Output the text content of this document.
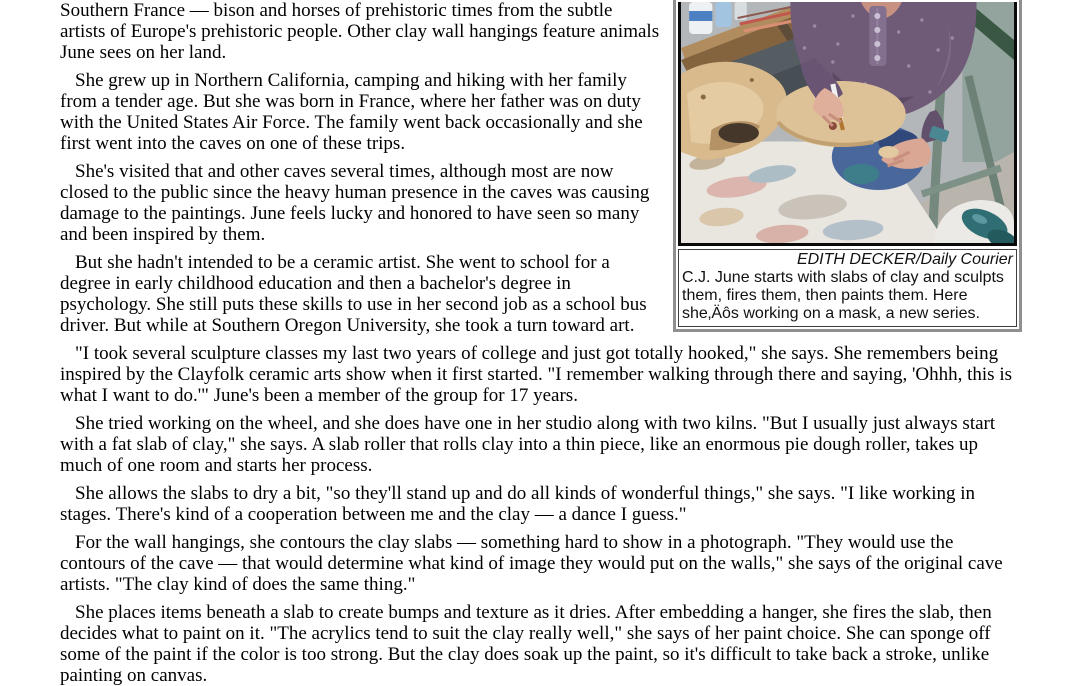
EDITH DECKER/Daily Courier
C.J. June starts with slabs of clay and sculpts them, fires them, then paints them. Here she‚Äôs working on a mask, a new series.

Southern France — bison and horses of prehistoric times from the subtle artists of Europe's prehistoric people. Other clay wall hangings feature animals June sees on her land.

She grew up in Northern California, camping and hiking with her family from a tender age. But she was born in France, where her father was on duty with the United States Air Force. The family went back occasionally and she first went into the caves on one of these trips.

She's visited that and other caves several times, although most are now closed to the public since the heavy human presence in the caves was causing damage to the paintings. June feels lucky and honored to have seen so many and been inspired by them.

But she hadn't intended to be a ceramic artist. She went to school for a degree in early childhood education and then a bachelor's degree in psychology. She still puts these skills to use in her second job as a school bus driver. But while at Southern Oregon University, she took a turn toward art.

"I took several sculpture classes my last two years of college and just got totally hooked," she says. She remembers being inspired by the Clayfolk ceramic arts show when it first started. "I remember walking through there and saying, 'Ohhh, this is what I want to do.'" June's been a member of the group for 17 years.

She tried working on the wheel, and she does have one in her studio along with two kilns. "But I usually just always start with a fat slab of clay," she says. A slab roller that rolls clay into a thin piece, like an enormous pie dough roller, takes up much of one room and starts her process.

She allows the slabs to dry a bit, "so they'll stand up and do all kinds of wonderful things," she says. "I like working in stages. There's kind of a cooperation between me and the clay — a dance I guess."

For the wall hangings, she contours the clay slabs — something hard to show in a photograph. "They would use the contours of the cave — that would determine what kind of image they would put on the walls," she says of the original cave artists. "The clay kind of does the same thing."

She places items beneath a slab to create bumps and texture as it dries. After embedding a hanger, she fires the slab, then decides what to paint on it. "The acrylics tend to suit the clay really well," she says of her paint choice. She can sponge off some of the paint if the color is too strong. But the clay does soak up the paint, so it's difficult to take back a stroke, unlike painting on canvas.
